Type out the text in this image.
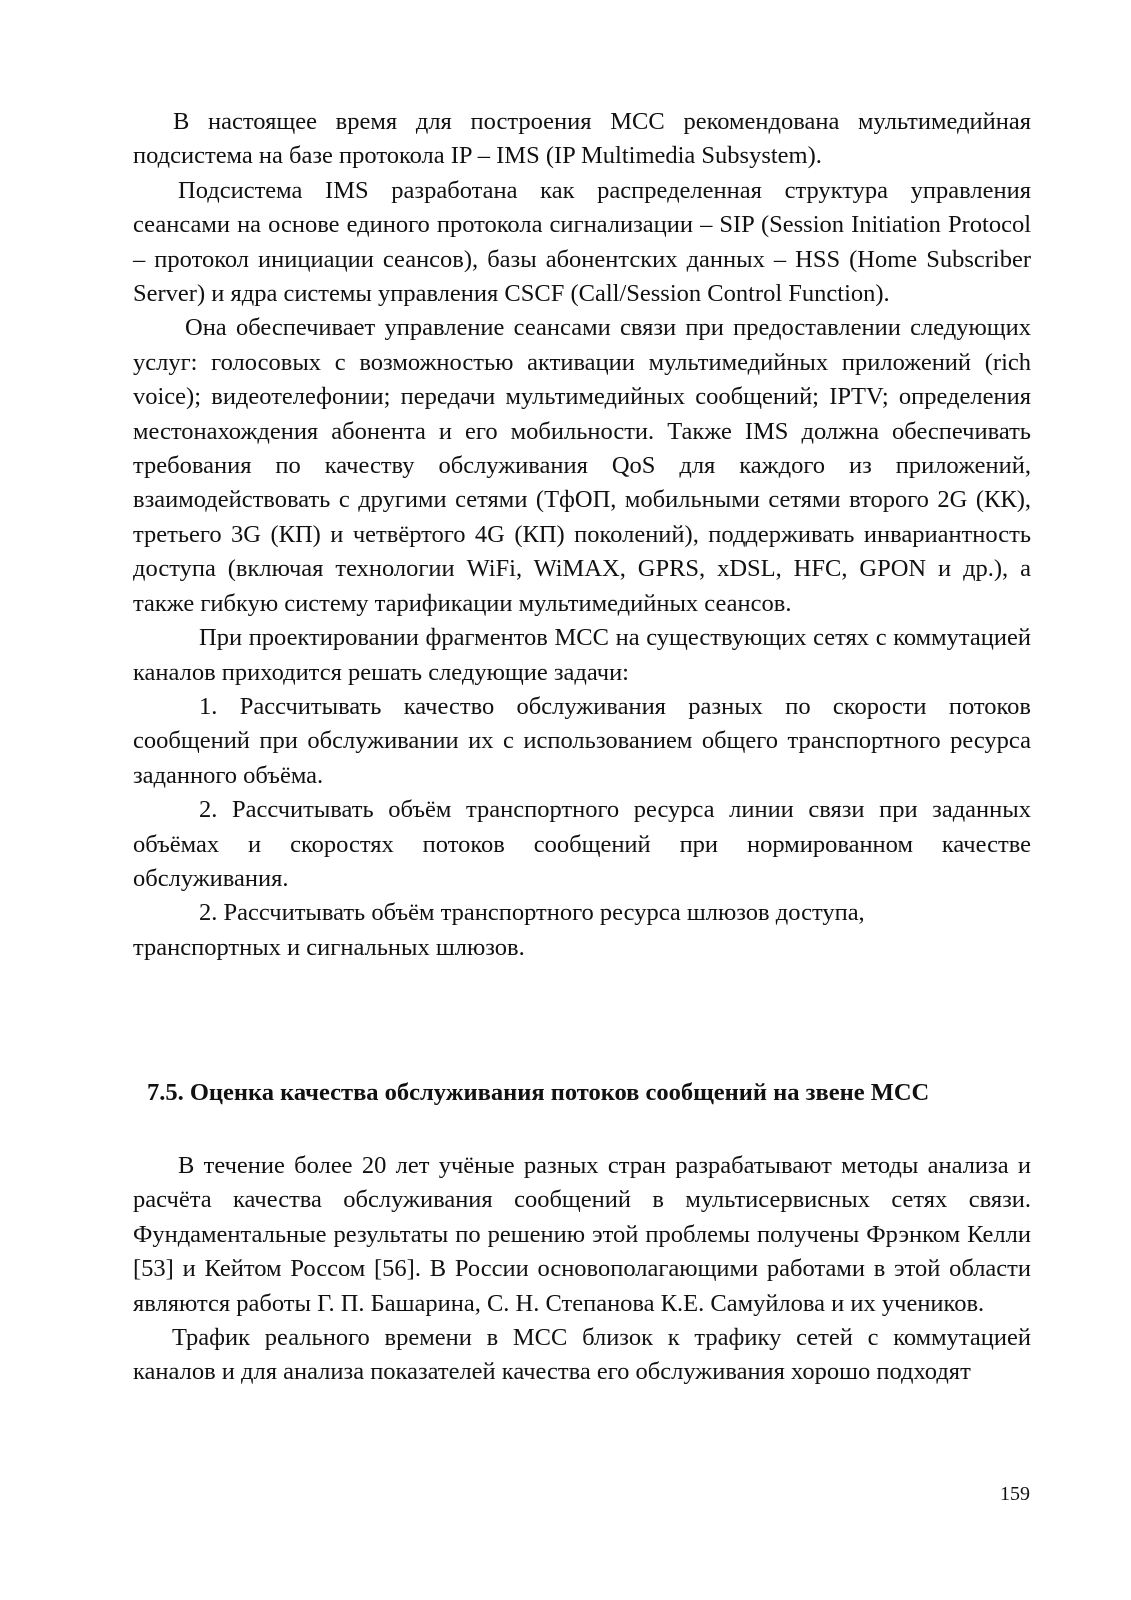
В настоящее время для построения МСС рекомендована мультимедийная подсистема на базе протокола IP – IMS (IP Multimedia Subsystem).

Подсистема IMS разработана как распределенная структура управления сеансами на основе единого протокола сигнализации – SIP (Session Initiation Protocol – протокол инициации сеансов), базы абонентских данных – HSS (Home Subscriber Server) и ядра системы управления CSCF (Call/Session Control Function).

Она обеспечивает управление сеансами связи при предоставлении следующих услуг: голосовых с возможностью активации мультимедийных приложений (rich voice); видеотелефонии; передачи мультимедийных сообщений; IPTV; определения местонахождения абонента и его мобильности. Также IMS должна обеспечивать требования по качеству обслуживания QoS для каждого из приложений, взаимодействовать с другими сетями (ТфОП, мобильными сетями второго 2G (КК), третьего 3G (КП) и четвёртого 4G (КП) поколений), поддерживать инвариантность доступа (включая технологии WiFi, WiMAX, GPRS, xDSL, HFC, GPON и др.), а также гибкую систему тарификации мультимедийных сеансов.

При проектировании фрагментов МСС на существующих сетях с коммутацией каналов приходится решать следующие задачи:

1. Рассчитывать качество обслуживания разных по скорости потоков сообщений при обслуживании их с использованием общего транспортного ресурса заданного объёма.

2. Рассчитывать объём транспортного ресурса линии связи при заданных объёмах и скоростях потоков сообщений при нормированном качестве обслуживания.

2. Рассчитывать объём транспортного ресурса шлюзов доступа,

транспортных и сигнальных шлюзов.

7.5. Оценка качества обслуживания потоков сообщений на звене МСС

В течение более 20 лет учёные разных стран разрабатывают методы анализа и расчёта качества обслуживания сообщений в мультисервисных сетях связи. Фундаментальные результаты по решению этой проблемы получены Фрэнком Келли [53] и Кейтом Россом [56]. В России основополагающими работами в этой области являются работы Г. П. Башарина, С. Н. Степанова К.Е. Самуйлова и их учеников.

Трафик реального времени в МСС близок к трафику сетей с коммутацией каналов и для анализа показателей качества его обслуживания хорошо подходят

159
